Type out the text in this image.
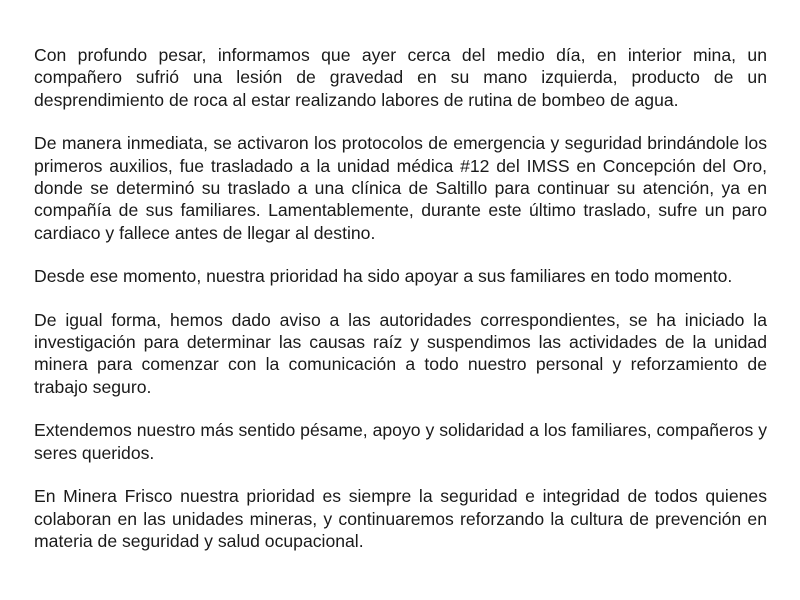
Con profundo pesar, informamos que ayer cerca del medio día, en interior mina, un compañero sufrió una lesión de gravedad en su mano izquierda, producto de un desprendimiento de roca al estar realizando labores de rutina de bombeo de agua.

De manera inmediata, se activaron los protocolos de emergencia y seguridad brindándole los primeros auxilios, fue trasladado a la unidad médica #12 del IMSS en Concepción del Oro, donde se determinó su traslado a una clínica de Saltillo para continuar su atención, ya en compañía de sus familiares. Lamentablemente, durante este último traslado, sufre un paro cardiaco y fallece antes de llegar al destino.

Desde ese momento, nuestra prioridad ha sido apoyar a sus familiares en todo momento.

De igual forma, hemos dado aviso a las autoridades correspondientes, se ha iniciado la investigación para determinar las causas raíz y suspendimos las actividades de la unidad minera para comenzar con la comunicación a todo nuestro personal y reforzamiento de trabajo seguro.

Extendemos nuestro más sentido pésame, apoyo y solidaridad a los familiares, compañeros y seres queridos.

En Minera Frisco nuestra prioridad es siempre la seguridad e integridad de todos quienes colaboran en las unidades mineras, y continuaremos reforzando la cultura de prevención en materia de seguridad y salud ocupacional.
